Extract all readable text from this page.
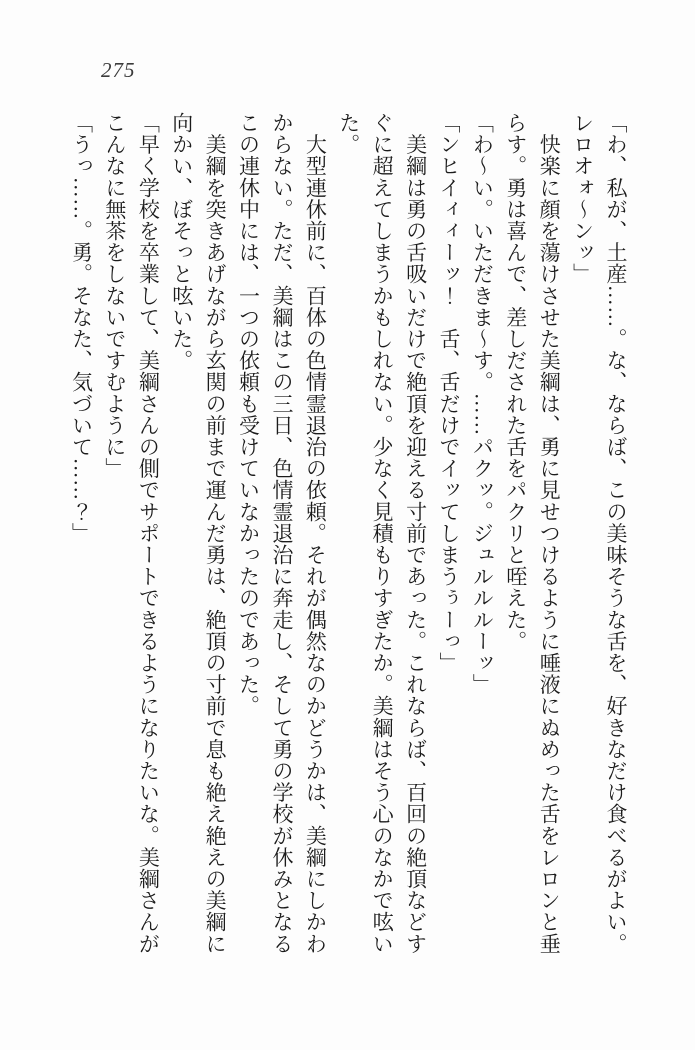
275

「わ、私が、土産……。な、ならば、この美味そうな舌を、好きなだけ食べるがよい。レロオォ～ンッ」

　快楽に顔を蕩けさせた美綱は、勇に見せつけるように唾液にぬめった舌をレロンと垂らす。勇は喜んで、差しだされた舌をパクリと咥えた。

「わ～い。いただきま～す。……パクッ。ジュルルルーッ」

「ンヒイィィーッ！　舌、舌だけでイッてしまうぅーっ」

　美綱は勇の舌吸いだけで絶頂を迎える寸前であった。これならば、百回の絶頂などすぐに超えてしまうかもしれない。少なく見積もりすぎたか。美綱はそう心のなかで呟いた。

　大型連休前に、百体の色情霊退治の依頼。それが偶然なのかどうかは、美綱にしかわからない。ただ、美綱はこの三日、色情霊退治に奔走し、そして勇の学校が休みとなるこの連休中には、一つの依頼も受けていなかったのであった。

　美綱を突きあげながら玄関の前まで運んだ勇は、絶頂の寸前で息も絶え絶えの美綱に向かい、ぼそっと呟いた。

「早く学校を卒業して、美綱さんの側でサポートできるようになりたいな。美綱さんがこんなに無茶をしないですむように」

「うっ……。勇。そなた、気づいて……？」
